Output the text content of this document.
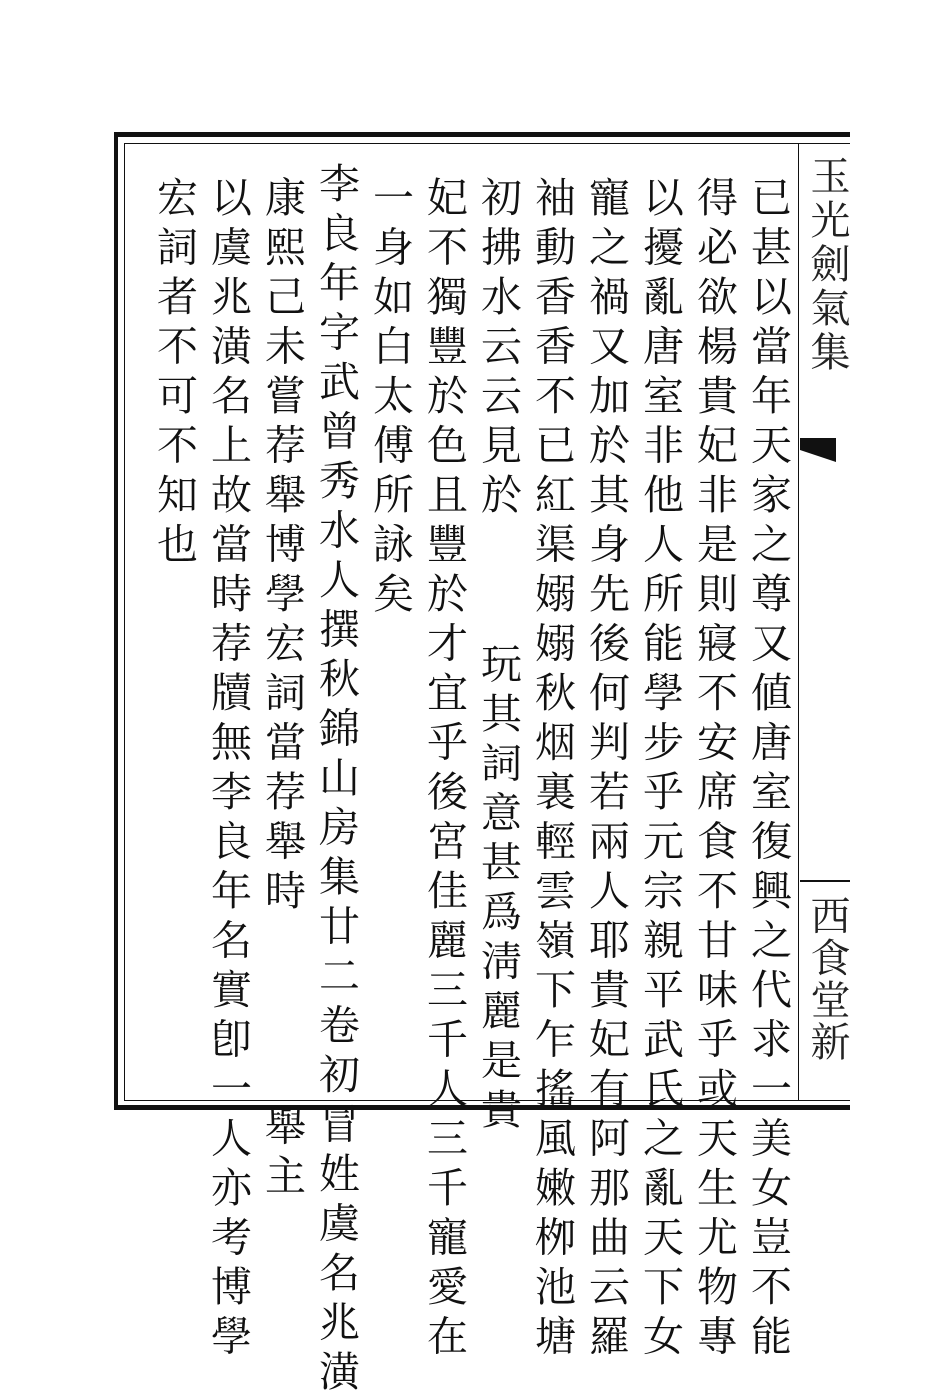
玉光劍氣集
西食堂新
已甚以當年天家之尊又値唐室復興之代求一美女豈不能
得必欲楊貴妃非是則寢不安席食不甘味乎或天生尤物專
以擾亂唐室非他人所能學步乎元宗親平武氏之亂天下女
寵之禍又加於其身先後何判若兩人耶貴妃有阿那曲云羅
袖動香香不已紅渠嫋嫋秋烟裏輕雲嶺下乍搖風嫩栁池塘
初拂水云云見於玩其詞意甚爲淸麗是貴
妃不獨豐於色且豐於才宜乎後宮佳麗三千人三千寵愛在
一身如白太傅所詠矣
李良年字武曾秀水人撰秋錦山房集廿二卷初冒姓虞名兆潢
康熙己未嘗荐舉博學宏詞當荐舉時舉主
以虞兆潢名上故當時荐牘無李良年名實卽一人亦考博學
宏詞者不可不知也
